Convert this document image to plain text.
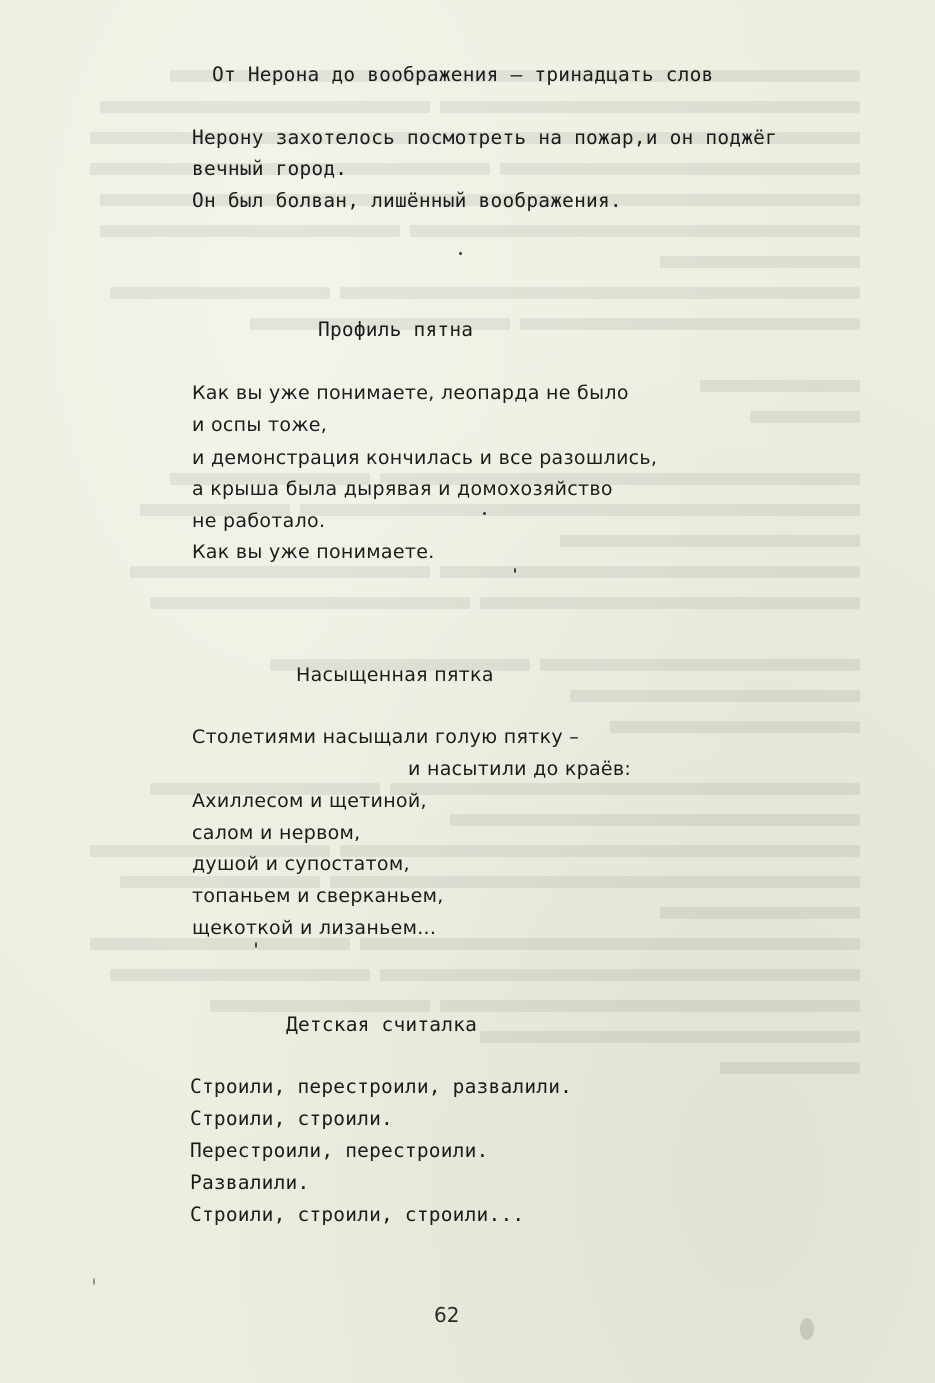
От Нерона до воображения – тринадцать слов
Нерону захотелось посмотреть на пожар,и он поджёг
вечный город.
Он был болван, лишённый воображения.
Профиль пятна
Как вы уже понимаете, леопарда не было
и оспы тоже,
и демонстрация кончилась и все разошлись,
а крыша была дырявая и домохозяйство
не работало.
Как вы уже понимаете.
Насыщенная пятка
Столетиями насыщали голую пятку –
и насытили до краёв:
Ахиллесом и щетиной,
салом и нервом,
душой и супостатом,
топаньем и сверканьем,
щекоткой и лизаньем...
Детская считалка
Строили, перестроили, развалили.
Строили, строили.
Перестроили, перестроили.
Развалили.
Строили, строили, строили...
62
